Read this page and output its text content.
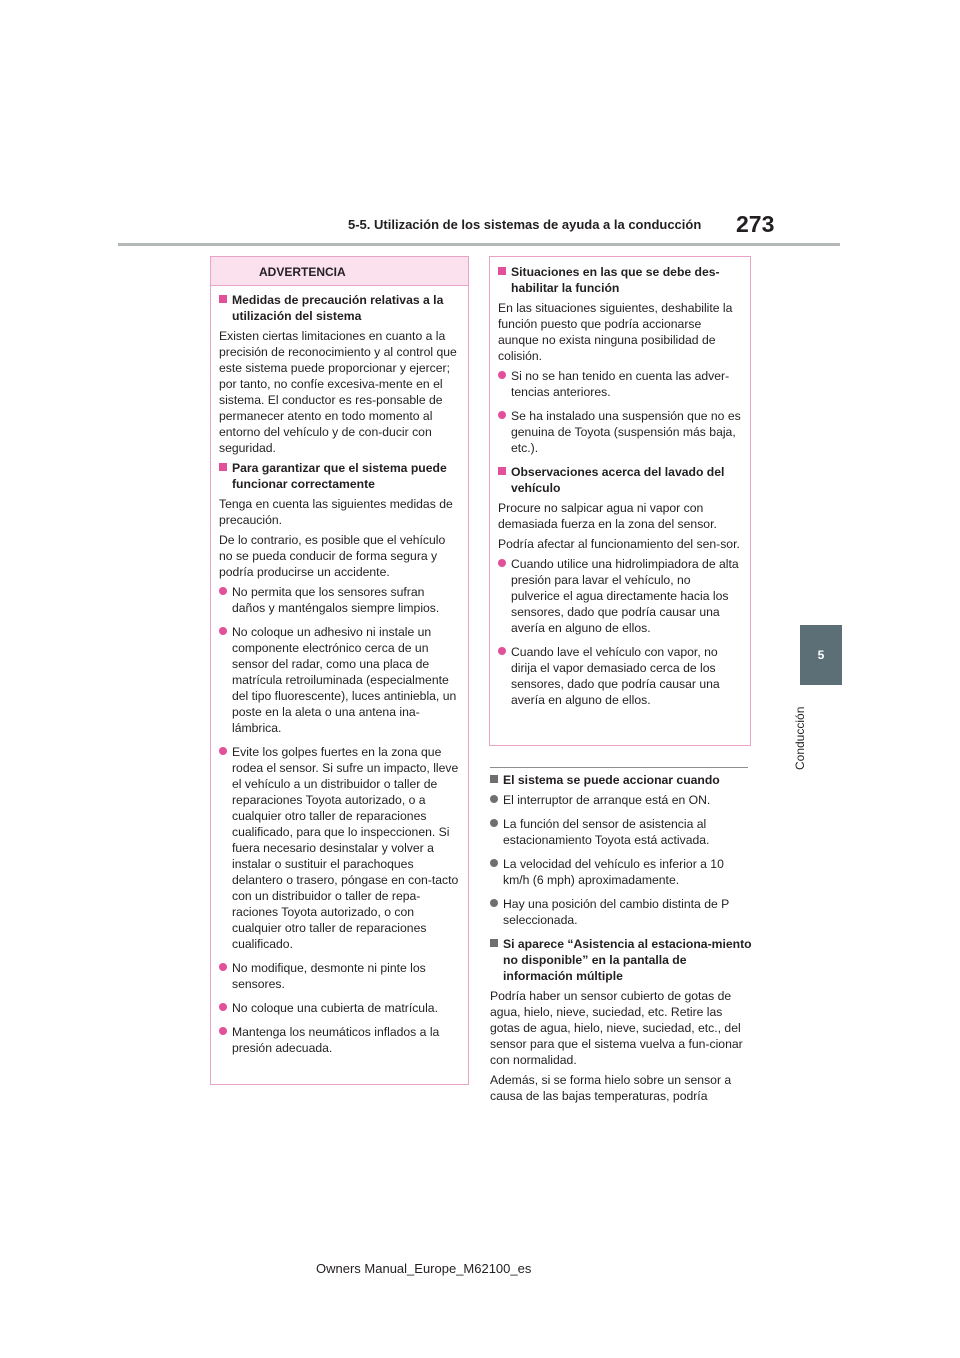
5-5. Utilización de los sistemas de ayuda a la conducción 273
5
Conducción
ADVERTENCIA
Medidas de precaución relativas a la utilización del sistema
Existen ciertas limitaciones en cuanto a la precisión de reconocimiento y al control que este sistema puede proporcionar y ejercer; por tanto, no confíe excesiva-mente en el sistema. El conductor es res-ponsable de permanecer atento en todo momento al entorno del vehículo y de con-ducir con seguridad.
Para garantizar que el sistema puede funcionar correctamente
Tenga en cuenta las siguientes medidas de precaución.
De lo contrario, es posible que el vehículo no se pueda conducir de forma segura y podría producirse un accidente.
No permita que los sensores sufran daños y manténgalos siempre limpios.
No coloque un adhesivo ni instale un componente electrónico cerca de un sensor del radar, como una placa de matrícula retroiluminada (especialmente del tipo fluorescente), luces antiniebla, un poste en la aleta o una antena ina-lámbrica.
Evite los golpes fuertes en la zona que rodea el sensor. Si sufre un impacto, lleve el vehículo a un distribuidor o taller de reparaciones Toyota autorizado, o a cualquier otro taller de reparaciones cualificado, para que lo inspeccionen. Si fuera necesario desinstalar y volver a instalar o sustituir el parachoques delantero o trasero, póngase en con-tacto con un distribuidor o taller de repa-raciones Toyota autorizado, o con cualquier otro taller de reparaciones cualificado.
No modifique, desmonte ni pinte los sensores.
No coloque una cubierta de matrícula.
Mantenga los neumáticos inflados a la presión adecuada.
Situaciones en las que se debe des-habilitar la función
En las situaciones siguientes, deshabilite la función puesto que podría accionarse aunque no exista ninguna posibilidad de colisión.
Si no se han tenido en cuenta las adver-tencias anteriores.
Se ha instalado una suspensión que no es genuina de Toyota (suspensión más baja, etc.).
Observaciones acerca del lavado del vehículo
Procure no salpicar agua ni vapor con demasiada fuerza en la zona del sensor.
Podría afectar al funcionamiento del sen-sor.
Cuando utilice una hidrolimpiadora de alta presión para lavar el vehículo, no pulverice el agua directamente hacia los sensores, dado que podría causar una avería en alguno de ellos.
Cuando lave el vehículo con vapor, no dirija el vapor demasiado cerca de los sensores, dado que podría causar una avería en alguno de ellos.
El sistema se puede accionar cuando
El interruptor de arranque está en ON.
La función del sensor de asistencia al estacionamiento Toyota está activada.
La velocidad del vehículo es inferior a 10 km/h (6 mph) aproximadamente.
Hay una posición del cambio distinta de P seleccionada.
Si aparece “Asistencia al estaciona-miento no disponible” en la pantalla de información múltiple
Podría haber un sensor cubierto de gotas de agua, hielo, nieve, suciedad, etc. Retire las gotas de agua, hielo, nieve, suciedad, etc., del sensor para que el sistema vuelva a fun-cionar con normalidad.
Además, si se forma hielo sobre un sensor a causa de las bajas temperaturas, podría
Owners Manual_Europe_M62100_es
